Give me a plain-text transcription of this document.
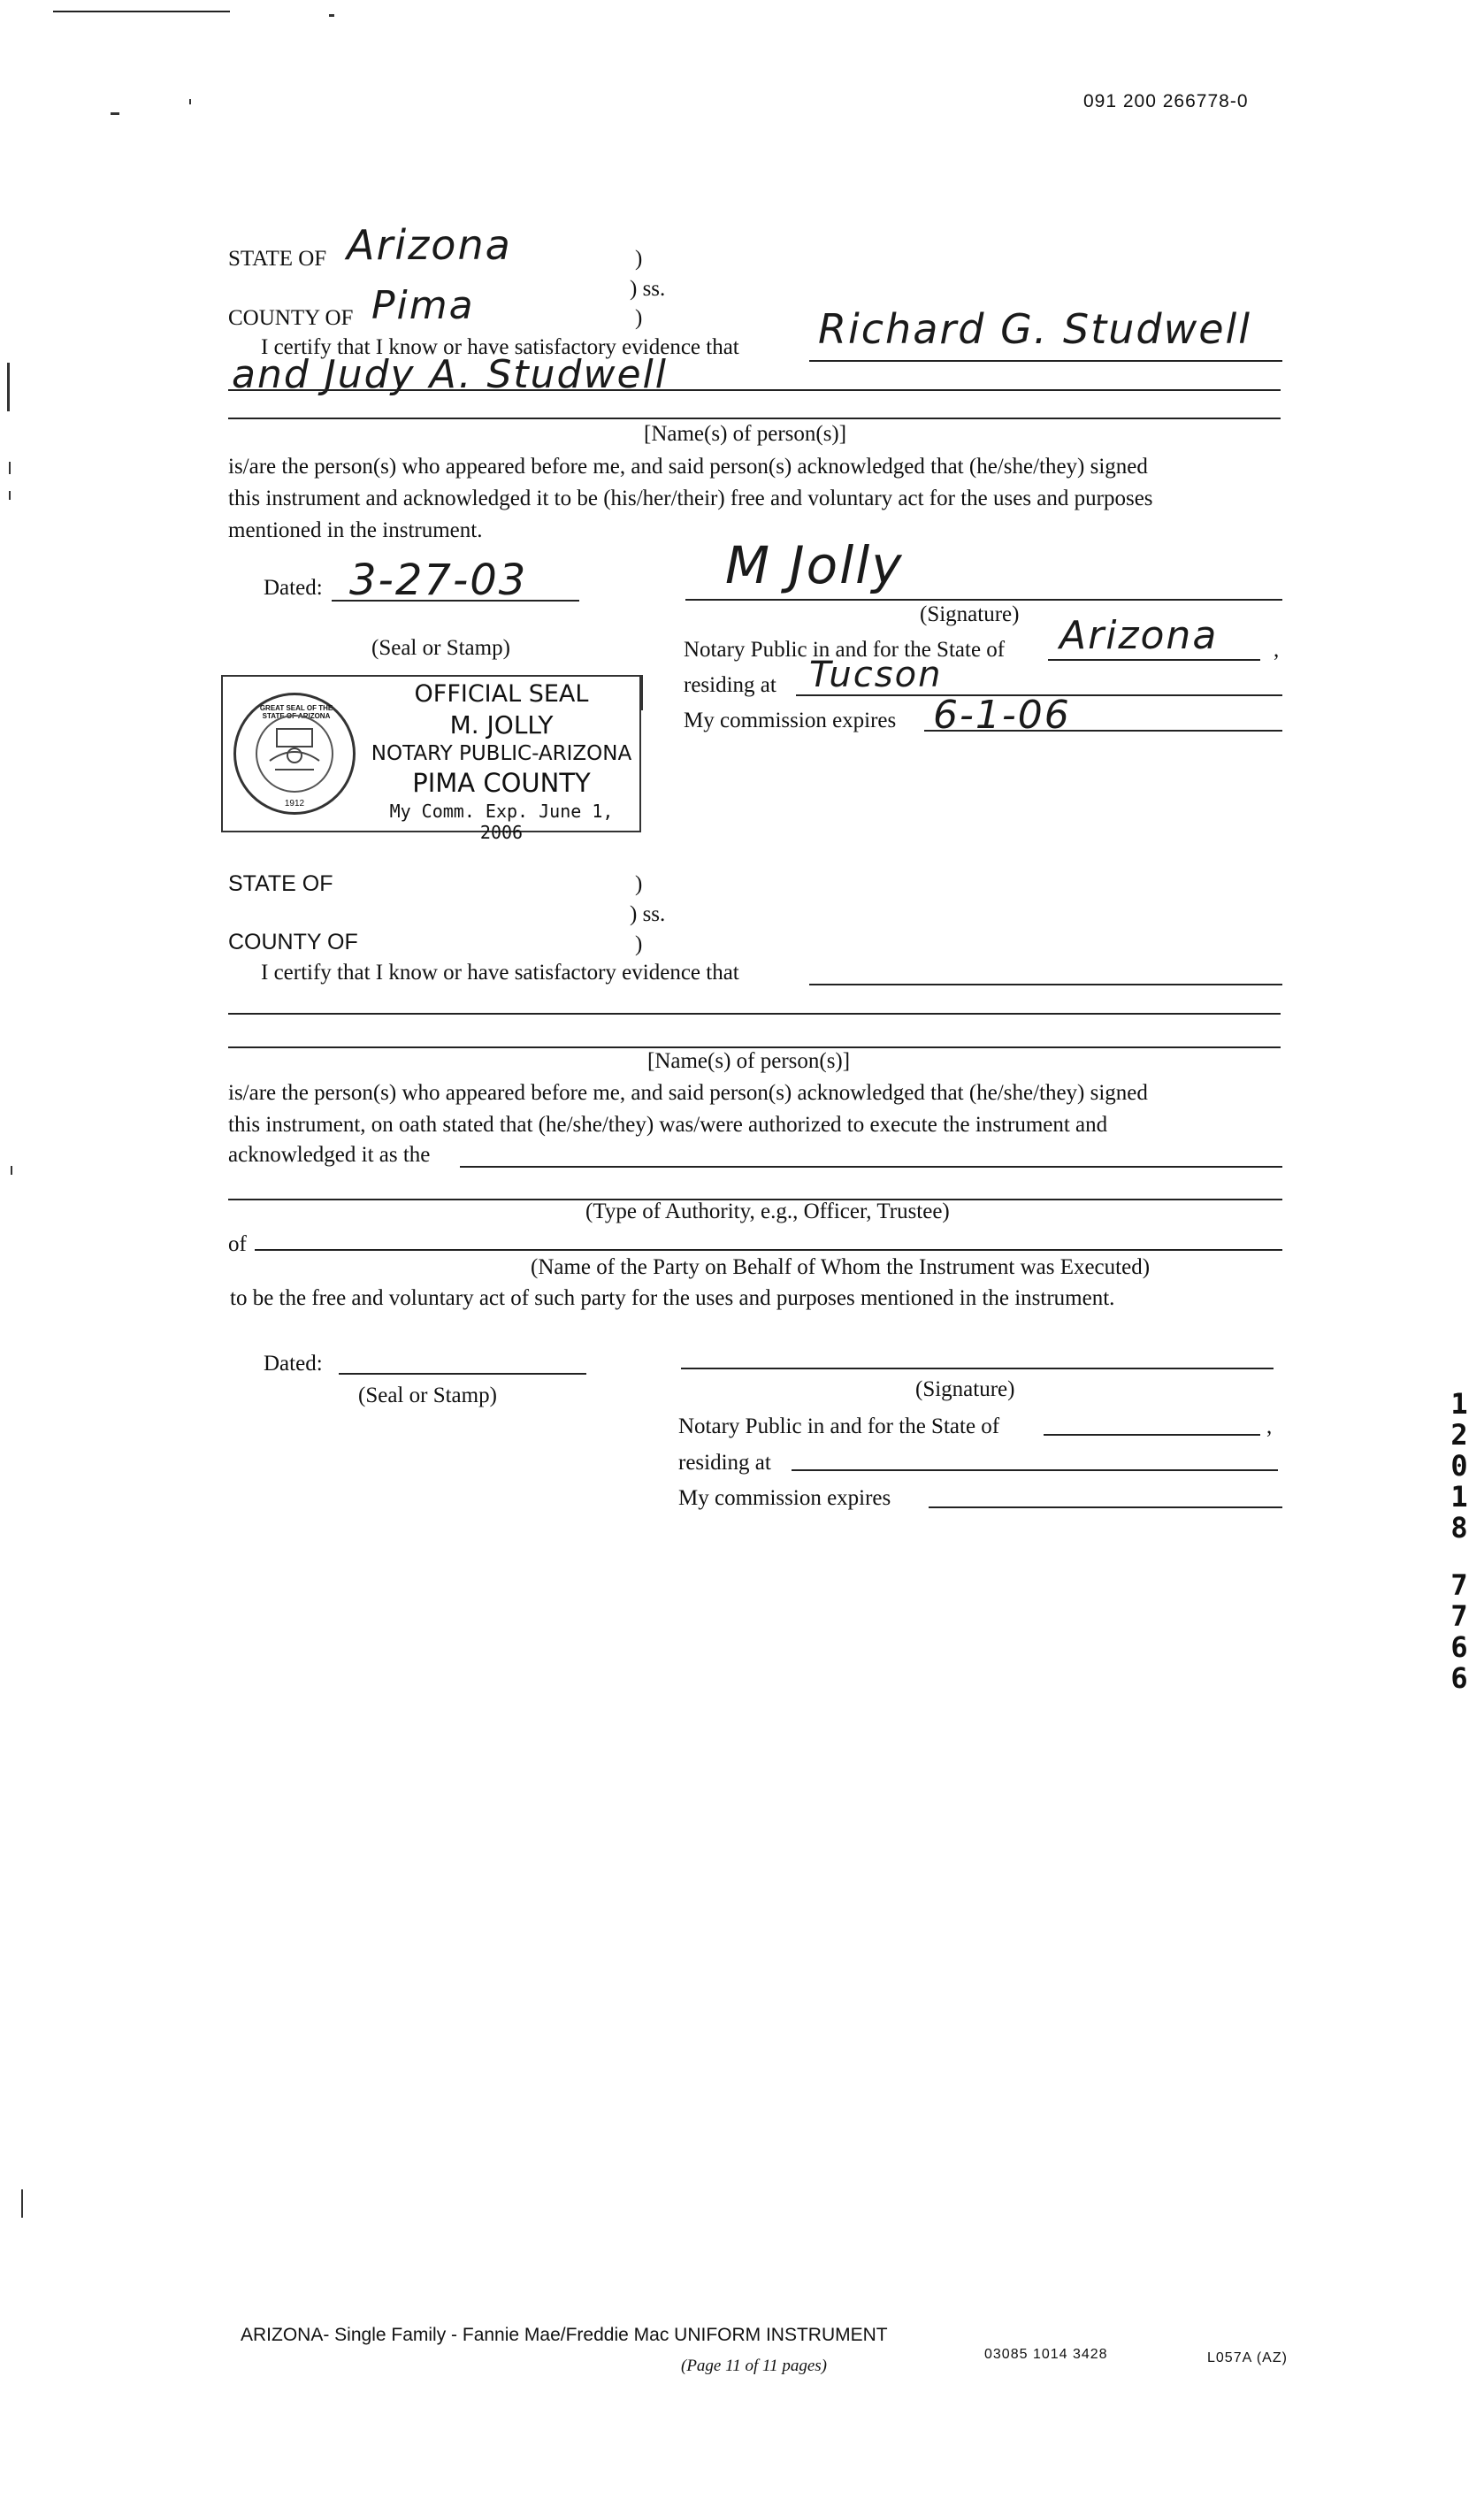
091 200 266778-0
STATE OF Arizona	)
) ss.
COUNTY OF Pima	)
I certify that I know or have satisfactory evidence that Richard G. Studwell
and Judy A. Studwell
[Name(s) of person(s)]
is/are the person(s) who appeared before me, and said person(s) acknowledged that (he/she/they) signed
this instrument and acknowledged it to be (his/her/their) free and voluntary act for the uses and purposes
mentioned in the instrument.
Dated: 3-27-03	M Jolly
(Signature)
(Seal or Stamp)	Notary Public in and for the State of Arizona	,
residing at Tucson
My commission expires 6-1-06
GREAT SEAL OF THE STATE OF ARIZONA
1912
OFFICIAL SEAL
M. JOLLY
NOTARY PUBLIC-ARIZONA
PIMA COUNTY
My Comm. Exp. June 1, 2006
STATE OF	)
) ss.
COUNTY OF	)
I certify that I know or have satisfactory evidence that
[Name(s) of person(s)]
is/are the person(s) who appeared before me, and said person(s) acknowledged that (he/she/they) signed
this instrument, on oath stated that (he/she/they) was/were authorized to execute the instrument and
acknowledged it as the
(Type of Authority, e.g., Officer, Trustee)
of
(Name of the Party on Behalf of Whom the Instrument was Executed)
to be the free and voluntary act of such party for the uses and purposes mentioned in the instrument.
Dated:
(Seal or Stamp)	(Signature)
Notary Public in and for the State of	,
residing at
My commission expires
1
2
0
1
8
7
7
6
6
ARIZONA- Single Family - Fannie Mae/Freddie Mac UNIFORM INSTRUMENT
(Page 11 of 11 pages)
03085 1014 3428	L057A (AZ)
